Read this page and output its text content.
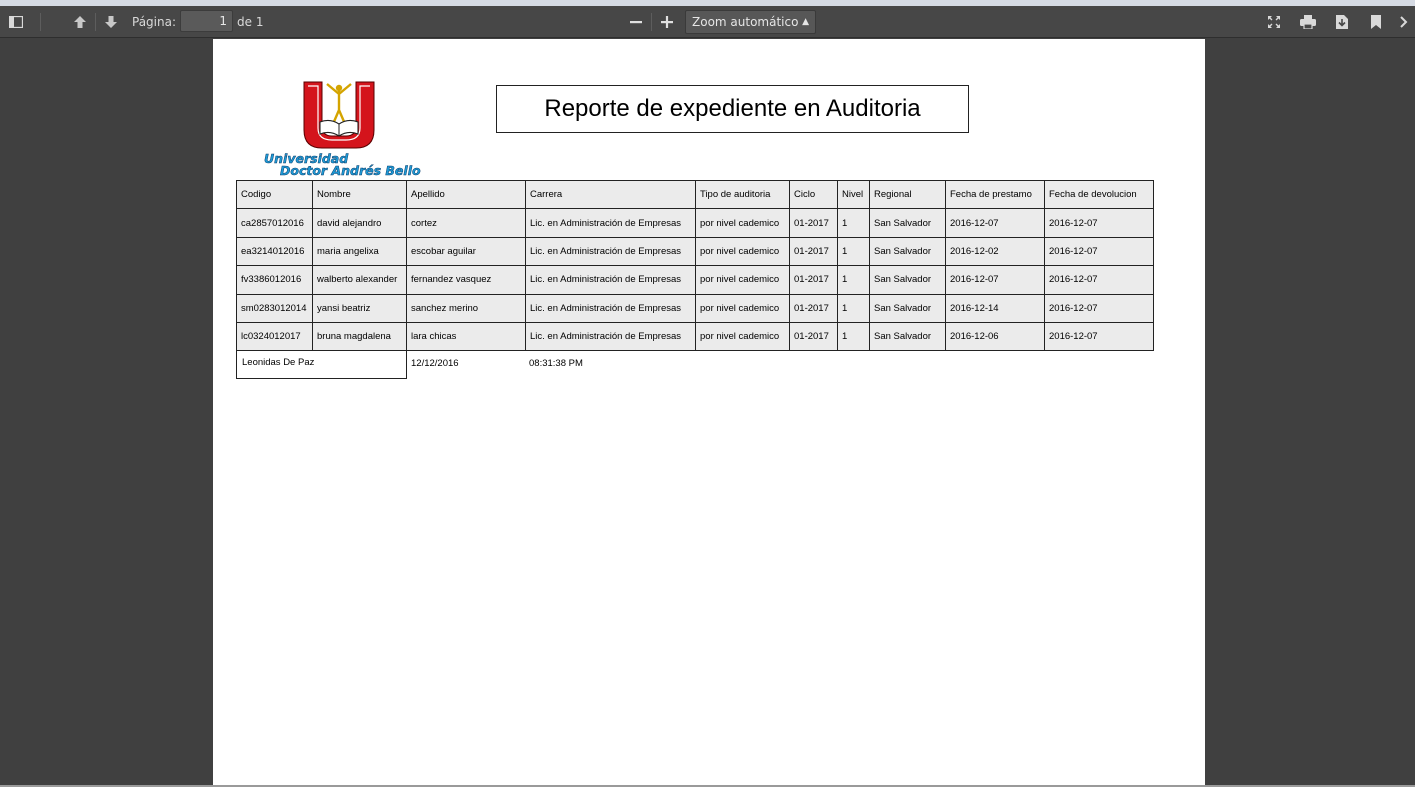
Página:	1 de 1	Zoom automático ▲

Universidad
Doctor Andrés Bello
Reporte de expediente en Auditoria
Codigo	Nombre	Apellido	Carrera	Tipo de auditoria	Ciclo	Nivel	Regional	Fecha de prestamo	Fecha de devolucion
ca2857012016	david alejandro	cortez	Lic. en Administración de Empresas	por nivel cademico	01-2017	1	San Salvador	2016-12-07	2016-12-07
ea3214012016	maria angelixa	escobar aguilar	Lic. en Administración de Empresas	por nivel cademico	01-2017	1	San Salvador	2016-12-02	2016-12-07
fv3386012016	walberto alexander	fernandez vasquez	Lic. en Administración de Empresas	por nivel cademico	01-2017	1	San Salvador	2016-12-07	2016-12-07
sm0283012014	yansi beatriz	sanchez merino	Lic. en Administración de Empresas	por nivel cademico	01-2017	1	San Salvador	2016-12-14	2016-12-07
lc0324012017	bruna magdalena	lara chicas	Lic. en Administración de Empresas	por nivel cademico	01-2017	1	San Salvador	2016-12-06	2016-12-07
Leonidas De Paz	12/12/2016	08:31:38 PM
